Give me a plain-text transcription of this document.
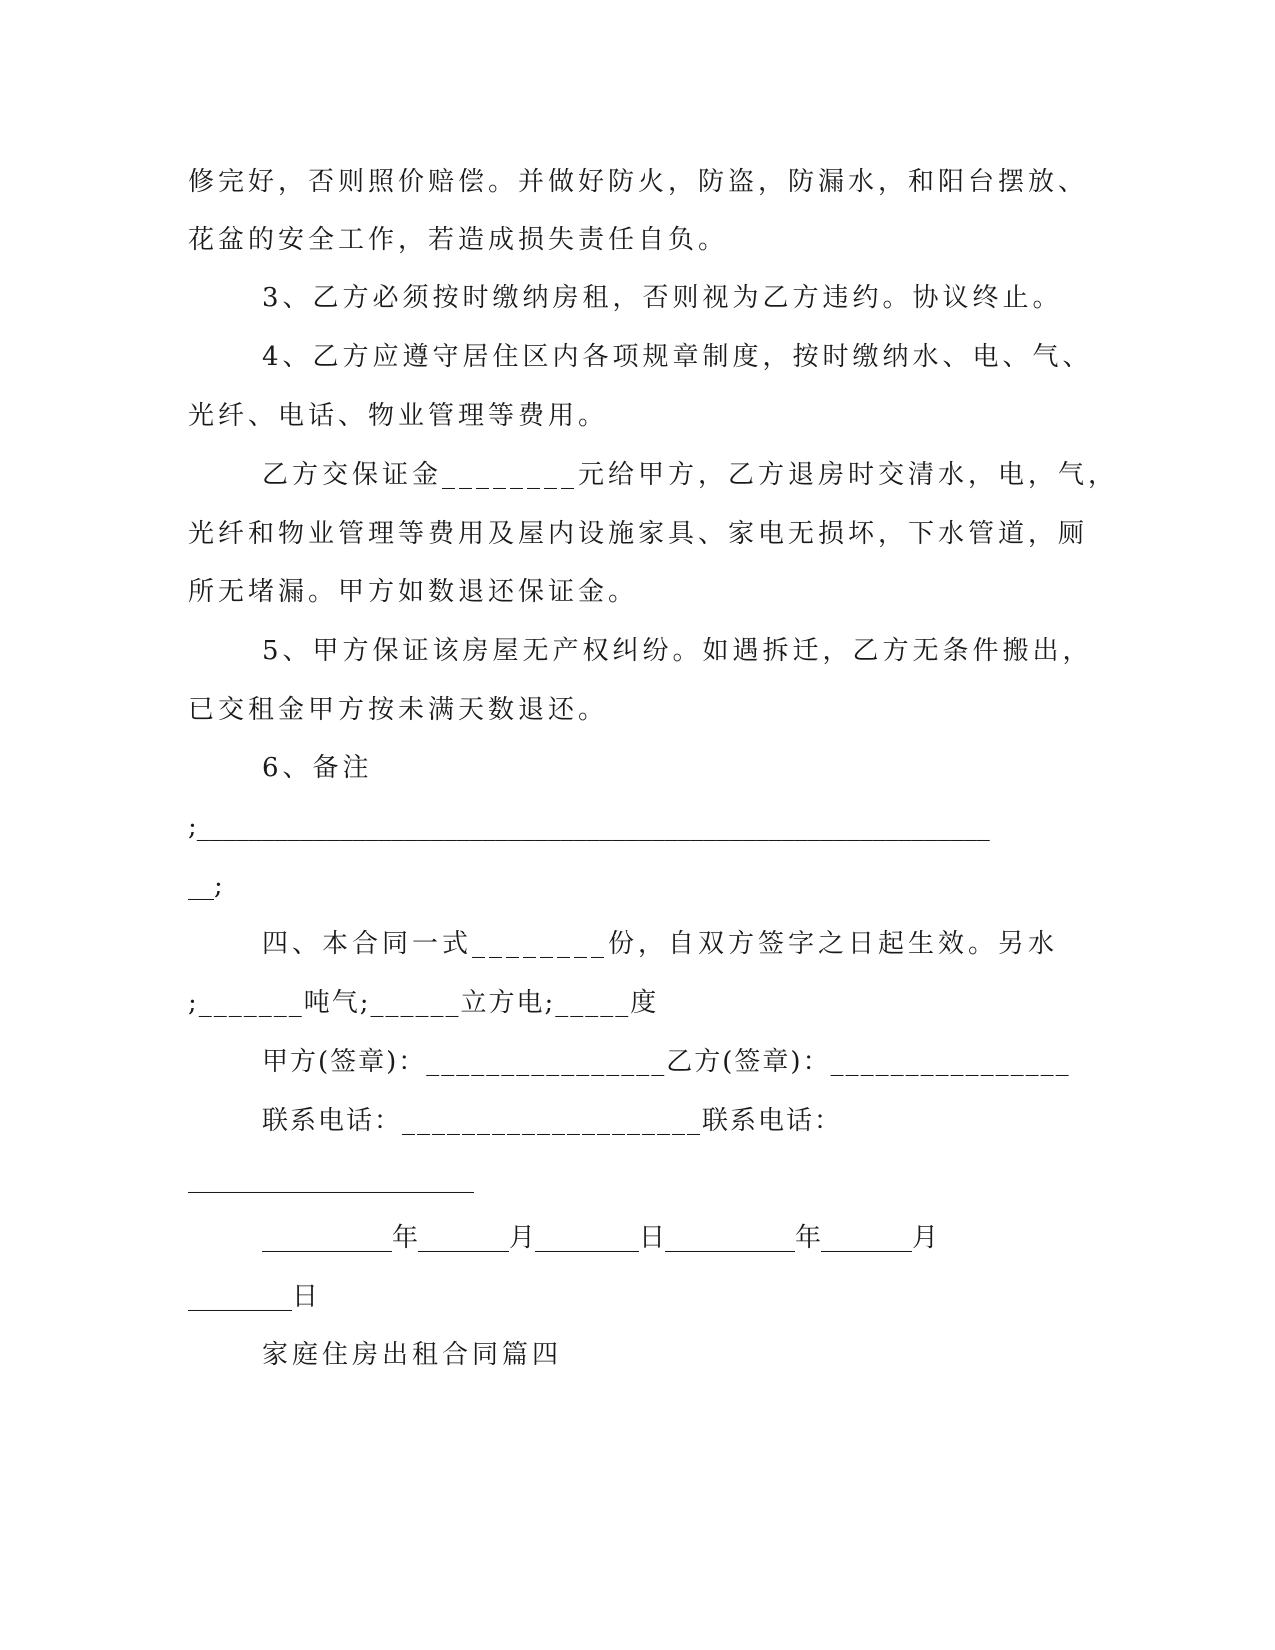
修完好，否则照价赔偿。并做好防火，防盗，防漏水，和阳台摆放、
花盆的安全工作，若造成损失责任自负。
3、乙方必须按时缴纳房租，否则视为乙方违约。协议终止。
4、乙方应遵守居住区内各项规章制度，按时缴纳水、电、气、
光纤、电话、物业管理等费用。
乙方交保证金________元给甲方，乙方退房时交清水，电，气，
光纤和物业管理等费用及屋内设施家具、家电无损坏，下水管道，厕
所无堵漏。甲方如数退还保证金。
5、甲方保证该房屋无产权纠纷。如遇拆迁，乙方无条件搬出，
已交租金甲方按未满天数退还。
6、备注
;_____________________________________________________________
__;
四、本合同一式________份，自双方签字之日起生效。另水
;_______吨气;______立方电;_____度
甲方(签章)：________________乙方(签章)：________________
联系电话：____________________联系电话：
______________________
__________年_______月________日__________年_______月
________日
家庭住房出租合同篇四
